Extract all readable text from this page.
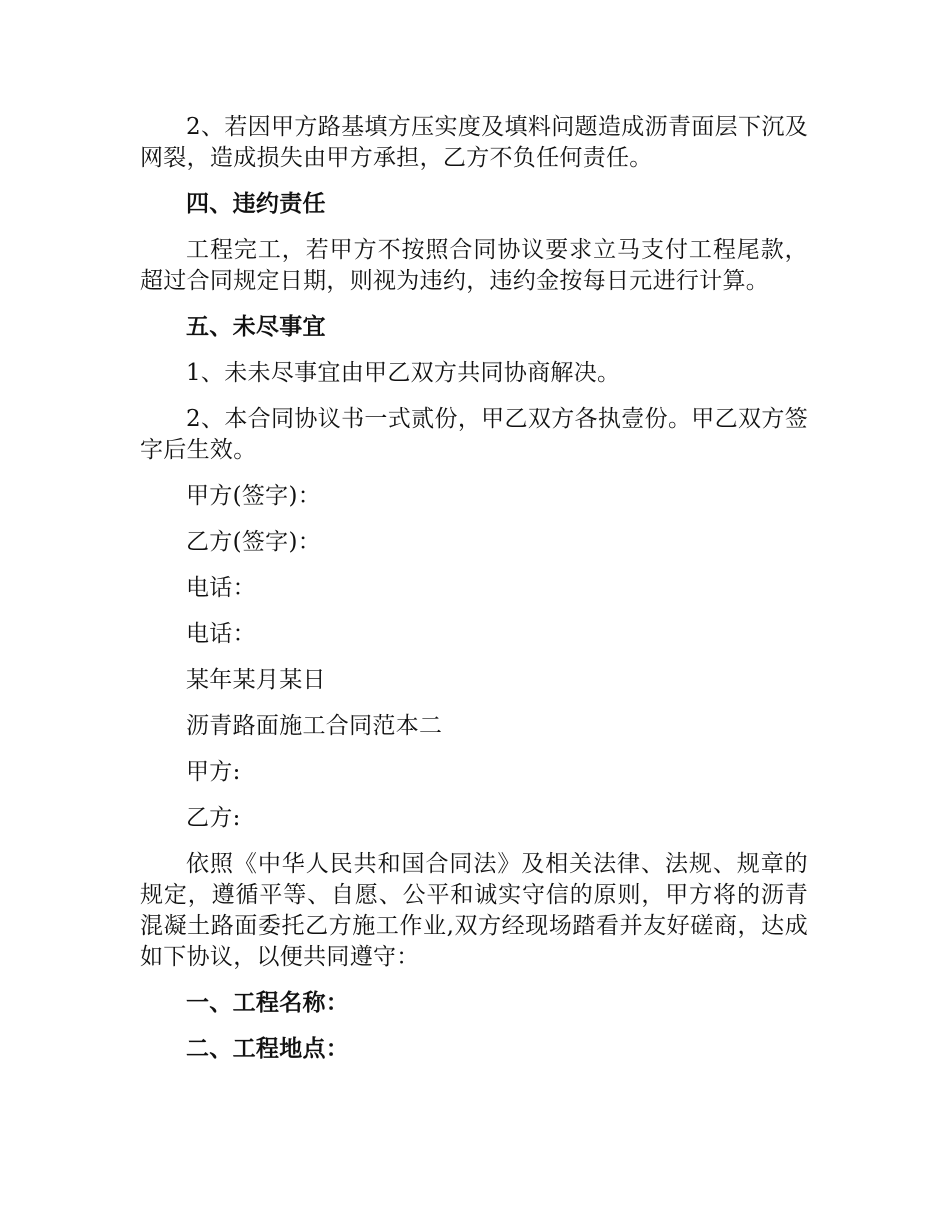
2、若因甲方路基填方压实度及填料问题造成沥青面层下沉及网裂，造成损失由甲方承担，乙方不负任何责任。

四、违约责任

工程完工，若甲方不按照合同协议要求立马支付工程尾款，超过合同规定日期，则视为违约，违约金按每日元进行计算。

五、未尽事宜

1、未未尽事宜由甲乙双方共同协商解决。

2、本合同协议书一式贰份，甲乙双方各执壹份。甲乙双方签字后生效。

甲方(签字)：

乙方(签字)：

电话：

电话：

某年某月某日

沥青路面施工合同范本二

甲方:

乙方:

依照《中华人民共和国合同法》及相关法律、法规、规章的规定，遵循平等、自愿、公平和诚实守信的原则，甲方将的沥青混凝土路面委托乙方施工作业,双方经现场踏看并友好磋商，达成如下协议，以便共同遵守：

一、工程名称：

二、工程地点：
